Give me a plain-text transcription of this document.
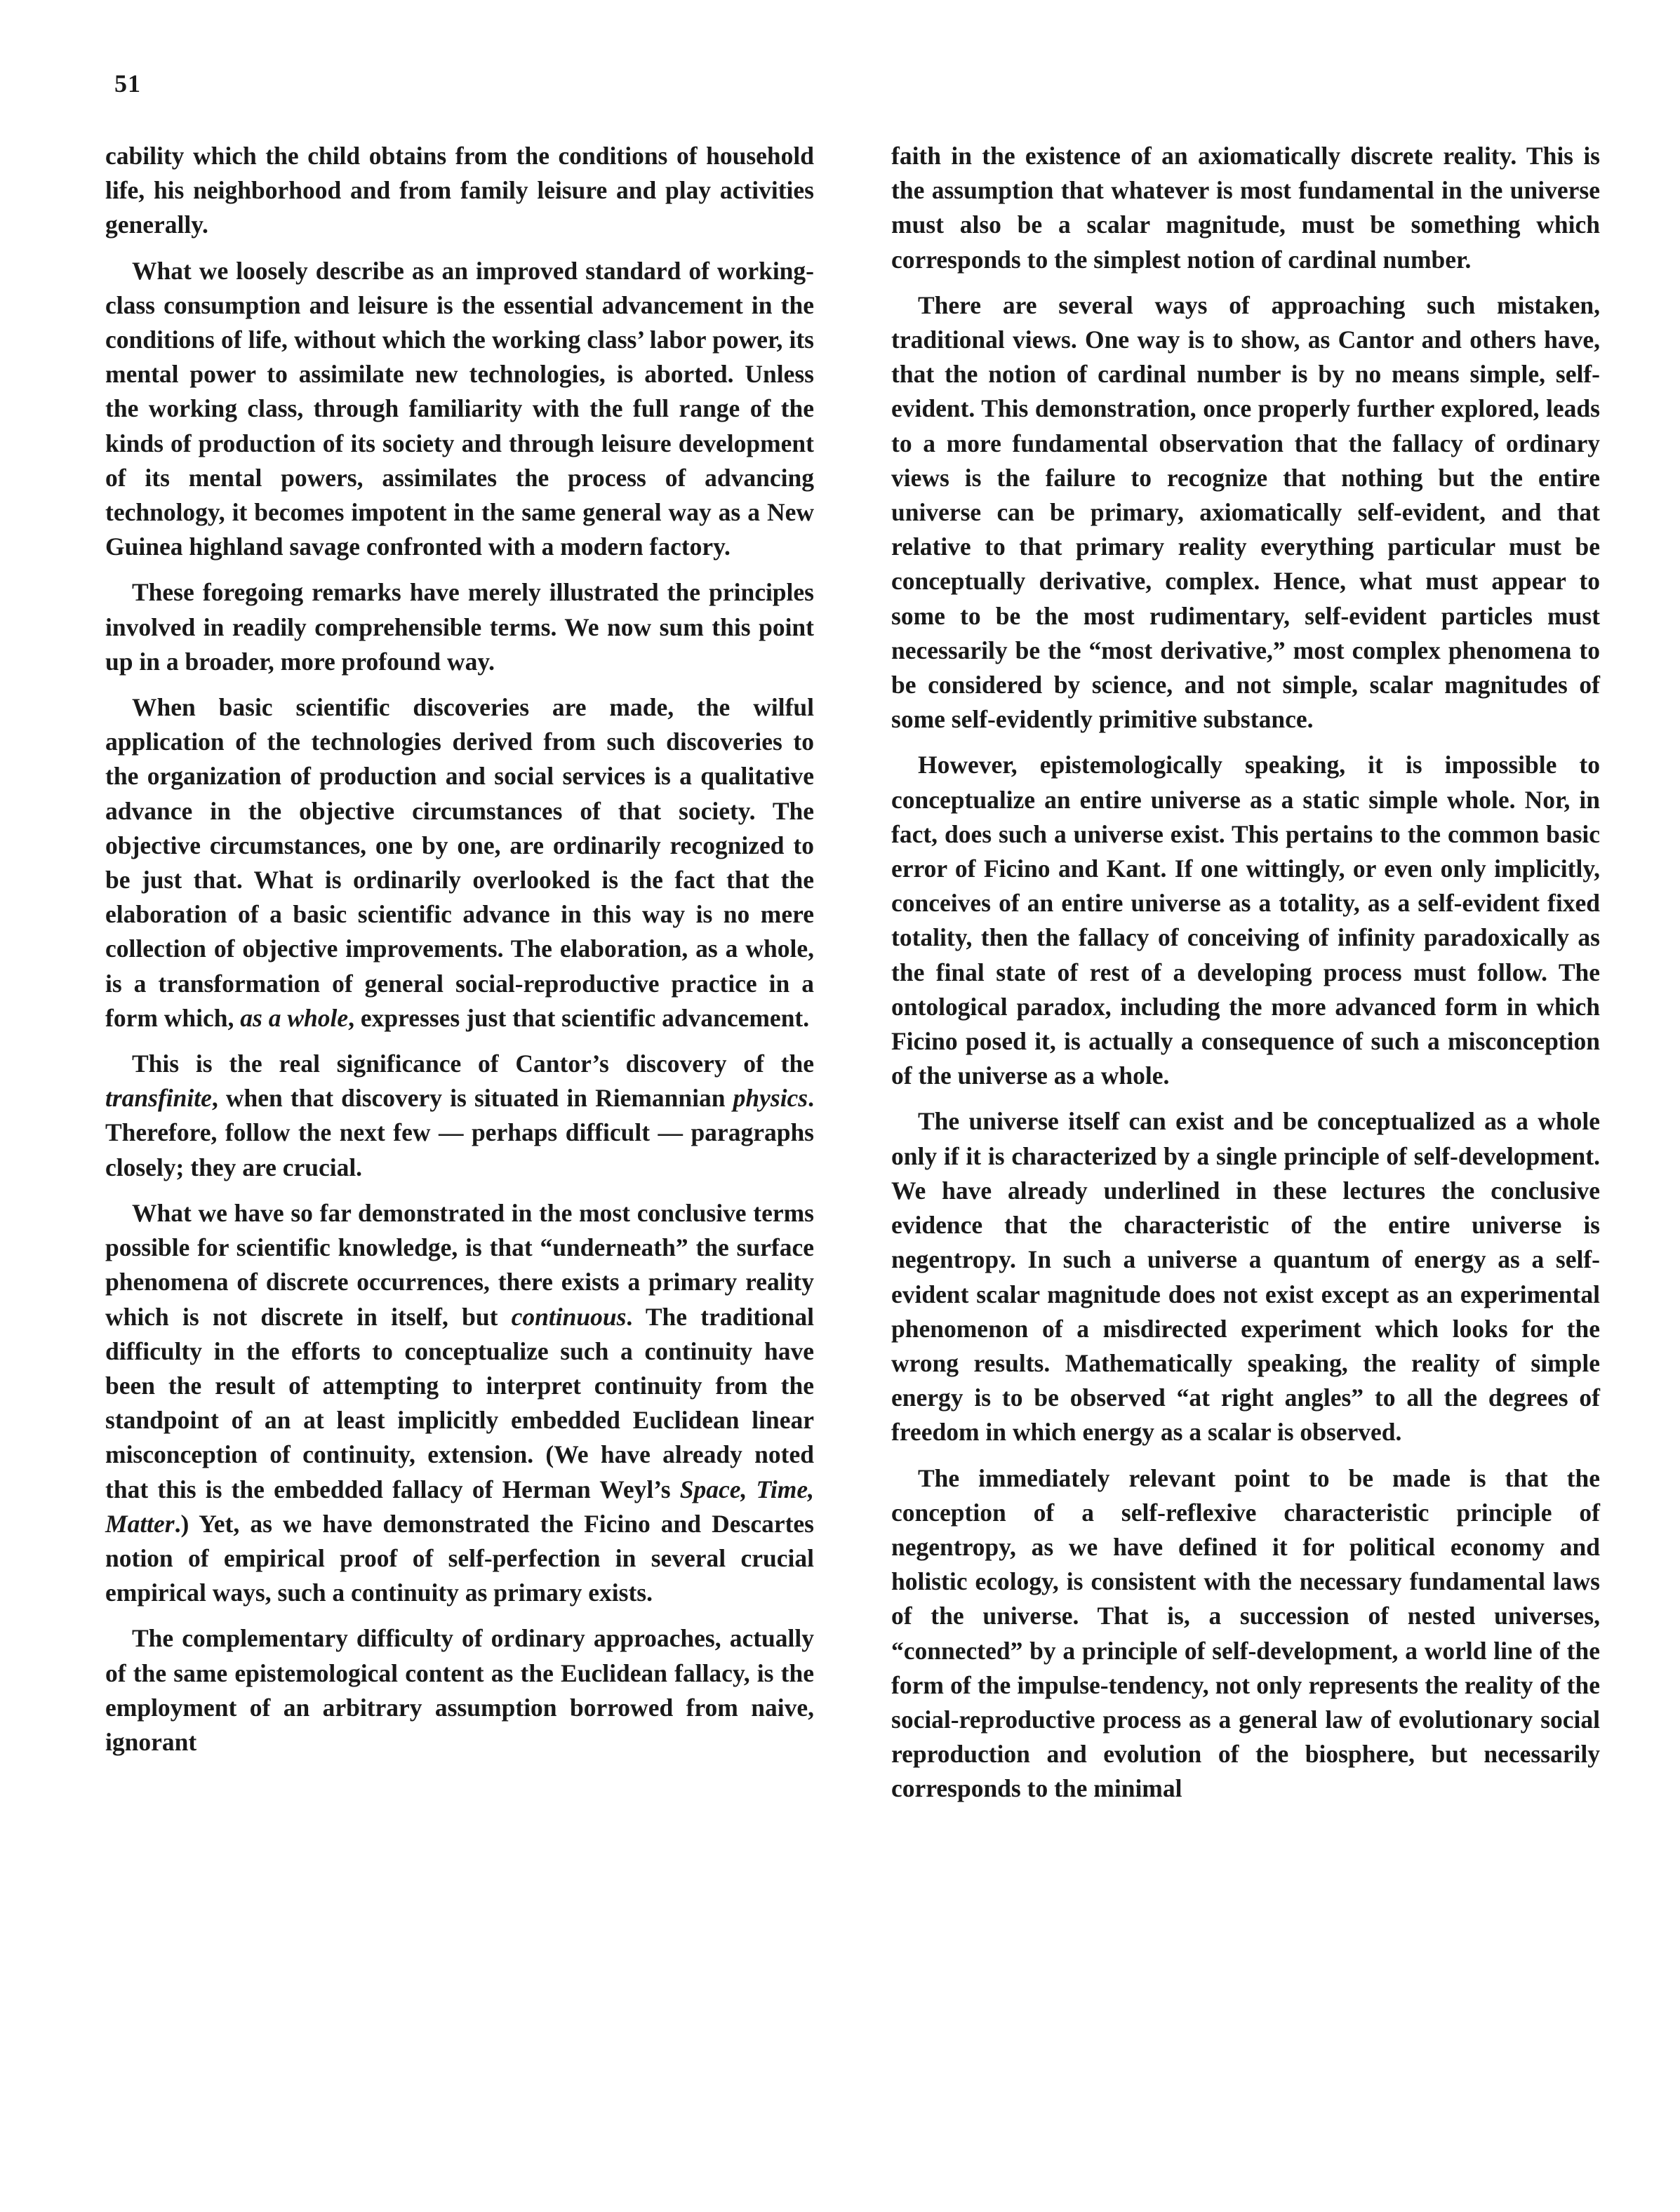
51

cability which the child obtains from the conditions of household life, his neighborhood and from family leisure and play activities generally.

What we loosely describe as an improved standard of working-class consumption and leisure is the essential advancement in the conditions of life, without which the working class’ labor power, its mental power to assimilate new technologies, is aborted. Unless the working class, through familiarity with the full range of the kinds of production of its society and through leisure development of its mental powers, assimilates the process of advancing technology, it becomes impotent in the same general way as a New Guinea highland savage confronted with a modern factory.

These foregoing remarks have merely illustrated the principles involved in readily comprehensible terms. We now sum this point up in a broader, more profound way.

When basic scientific discoveries are made, the wilful application of the technologies derived from such discoveries to the organization of production and social services is a qualitative advance in the objective circumstances of that society. The objective circumstances, one by one, are ordinarily recognized to be just that. What is ordinarily overlooked is the fact that the elaboration of a basic scientific advance in this way is no mere collection of objective improvements. The elaboration, as a whole, is a transformation of general social-reproductive practice in a form which, as a whole, expresses just that scientific advancement.

This is the real significance of Cantor’s discovery of the transfinite, when that discovery is situated in Riemannian physics. Therefore, follow the next few — perhaps difficult — paragraphs closely; they are crucial.

What we have so far demonstrated in the most conclusive terms possible for scientific knowledge, is that “underneath” the surface phenomena of discrete occurrences, there exists a primary reality which is not discrete in itself, but continuous. The traditional difficulty in the efforts to conceptualize such a continuity have been the result of attempting to interpret continuity from the standpoint of an at least implicitly embedded Euclidean linear misconception of continuity, extension. (We have already noted that this is the embedded fallacy of Herman Weyl’s Space, Time, Matter.) Yet, as we have demonstrated the Ficino and Descartes notion of empirical proof of self-perfection in several crucial empirical ways, such a continuity as primary exists.

The complementary difficulty of ordinary approaches, actually of the same epistemological content as the Euclidean fallacy, is the employment of an arbitrary assumption borrowed from naive, ignorant

faith in the existence of an axiomatically discrete reality. This is the assumption that whatever is most fundamental in the universe must also be a scalar magnitude, must be something which corresponds to the simplest notion of cardinal number.

There are several ways of approaching such mistaken, traditional views. One way is to show, as Cantor and others have, that the notion of cardinal number is by no means simple, self-evident. This demonstration, once properly further explored, leads to a more fundamental observation that the fallacy of ordinary views is the failure to recognize that nothing but the entire universe can be primary, axiomatically self-evident, and that relative to that primary reality everything particular must be conceptually derivative, complex. Hence, what must appear to some to be the most rudimentary, self-evident particles must necessarily be the “most derivative,” most complex phenomena to be considered by science, and not simple, scalar magnitudes of some self-evidently primitive substance.

However, epistemologically speaking, it is impossible to conceptualize an entire universe as a static simple whole. Nor, in fact, does such a universe exist. This pertains to the common basic error of Ficino and Kant. If one wittingly, or even only implicitly, conceives of an entire universe as a totality, as a self-evident fixed totality, then the fallacy of conceiving of infinity paradoxically as the final state of rest of a developing process must follow. The ontological paradox, including the more advanced form in which Ficino posed it, is actually a consequence of such a misconception of the universe as a whole.

The universe itself can exist and be conceptualized as a whole only if it is characterized by a single principle of self-development. We have already underlined in these lectures the conclusive evidence that the characteristic of the entire universe is negentropy. In such a universe a quantum of energy as a self-evident scalar magnitude does not exist except as an experimental phenomenon of a misdirected experiment which looks for the wrong results. Mathematically speaking, the reality of simple energy is to be observed “at right angles” to all the degrees of freedom in which energy as a scalar is observed.

The immediately relevant point to be made is that the conception of a self-reflexive characteristic principle of negentropy, as we have defined it for political economy and holistic ecology, is consistent with the necessary fundamental laws of the universe. That is, a succession of nested universes, “connected” by a principle of self-development, a world line of the form of the impulse-tendency, not only represents the reality of the social-reproductive process as a general law of evolutionary social reproduction and evolution of the biosphere, but necessarily corresponds to the minimal
